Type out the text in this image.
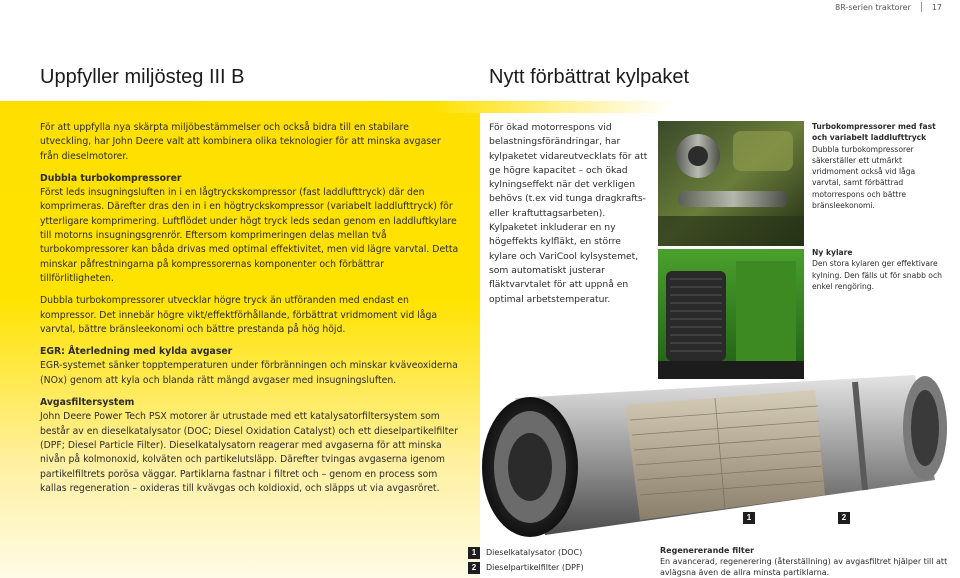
8R-serien traktorer	17
Uppfyller miljösteg III B	Nytt förbättrat kylpaket

För att uppfylla nya skärpta miljöbestämmelser och också bidra till en stabilare utveckling, har John Deere valt att kombinera olika teknologier för att minska avgaser från dieselmotorer.

Dubbla turbokompressorer

Först leds insugningsluften in i en lågtryckskompressor (fast laddlufttryck) där den komprimeras. Därefter dras den in i en högtryckskompressor (variabelt laddlufttryck) för ytterligare komprimering. Luftflödet under högt tryck leds sedan genom en laddluftkylare till motorns insugningsgrenrör. Eftersom komprimeringen delas mellan två turbokompressorer kan båda drivas med optimal effektivitet, men vid lägre varvtal. Detta minskar påfrestningarna på kompressorernas komponenter och förbättrar tillförlitligheten.

Dubbla turbokompressorer utvecklar högre tryck än utföranden med endast en kompressor. Det innebär högre vikt/effektförhållande, förbättrat vridmoment vid låga varvtal, bättre bränsleekonomi och bättre prestanda på hög höjd.

EGR: Återledning med kylda avgaser

EGR-systemet sänker topptemperaturen under förbränningen och minskar kväveoxiderna (NOx) genom att kyla och blanda rätt mängd avgaser med insugningsluften.

Avgasfiltersystem

John Deere Power Tech PSX motorer är utrustade med ett katalysatorfiltersystem som består av en dieselkatalysator (DOC; Diesel Oxidation Catalyst) och ett dieselpartikelfilter (DPF; Diesel Particle Filter). Dieselkatalysatorn reagerar med avgaserna för att minska nivån på kolmonoxid, kolväten och partikelutsläpp. Därefter tvingas avgaserna igenom partikelfiltrets porösa väggar. Partiklarna fastnar i filtret och – genom en process som kallas regeneration – oxideras till kvävgas och koldioxid, och släpps ut via avgasröret.

För ökad motorrespons vid belastningsförändringar, har kylpaketet vidareutvecklats för att ge högre kapacitet – och ökad kylningseffekt när det verkligen behövs (t.ex vid tunga dragkrafts- eller kraftuttagsarbeten). Kylpaketet inkluderar en ny högeffekts kylfläkt, en större kylare och VariCool kylsystemet, som automatiskt justerar fläktvarvtalet för att uppnå en optimal arbetstemperatur.

Turbokompressorer med fast och variabelt laddlufttryck

Dubbla turbokompressorer säkerställer ett utmärkt vridmoment också vid låga varvtal, samt förbättrad motorrespons och bättre bränsleekonomi.

Ny kylare

Den stora kylaren ger effektivare kylning. Den fälls ut för snabb och enkel rengöring.

1	2
1	Dieselkatalysator (DOC)
2	Dieselpartikelfilter (DPF)

Regenererande filter

En avancerad, regenerering (återställning) av avgasfiltret hjälper till att avlägsna även de allra minsta partiklarna.
